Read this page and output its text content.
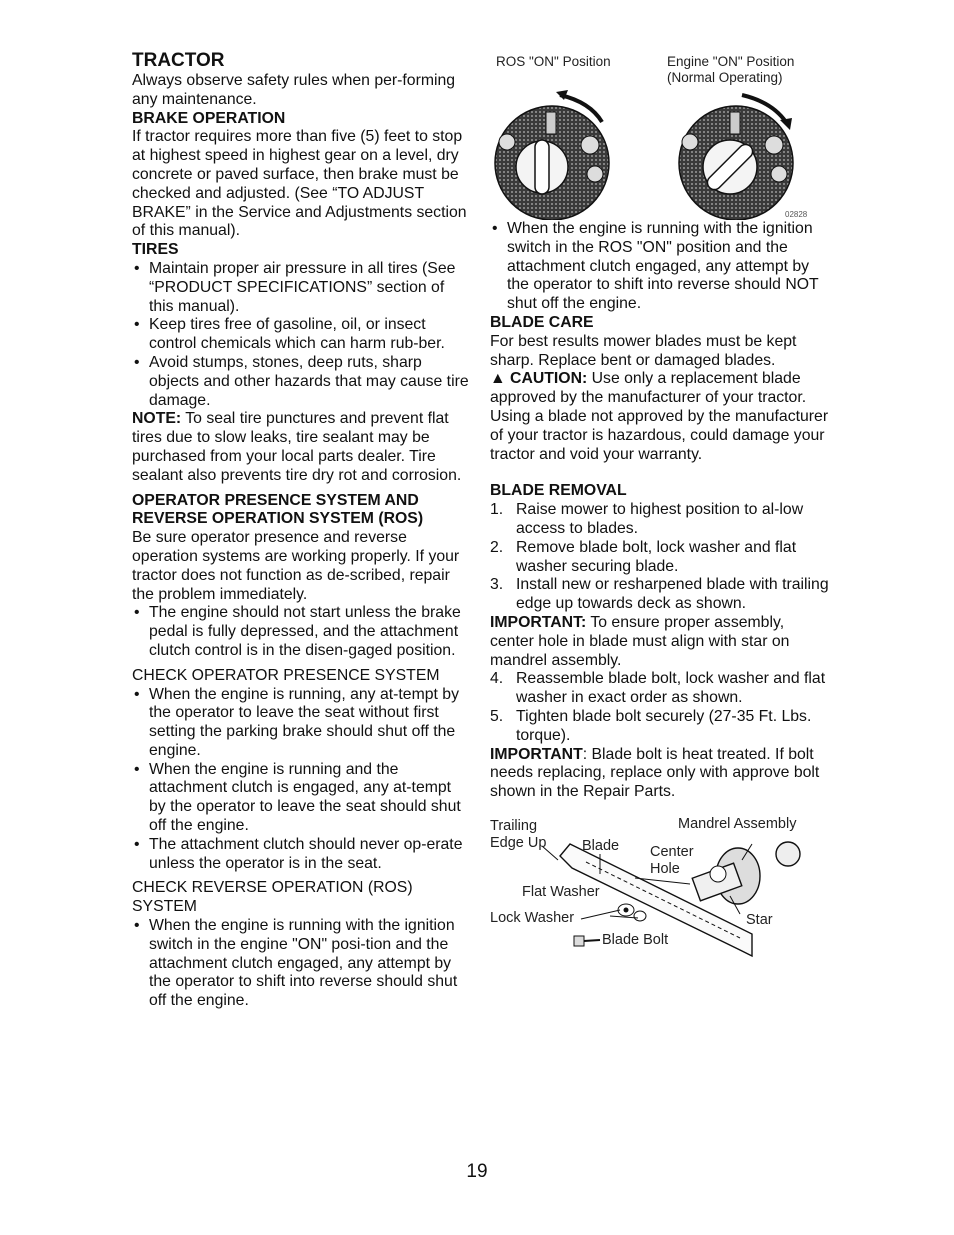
TRACTOR

Always observe safety rules when per-forming any maintenance.

BRAKE OPERATION

If tractor requires more than five (5) feet to stop at highest speed in highest gear on a level, dry concrete or paved surface, then brake must be checked and adjusted. (See “TO ADJUST BRAKE” in the Service and Adjustments section of this manual).

TIRES

• Maintain proper air pressure in all tires (See “PRODUCT SPECIFICATIONS” section of this manual).
• Keep tires free of gasoline, oil, or insect control chemicals which can harm rub-ber.
• Avoid stumps, stones, deep ruts, sharp objects and other hazards that may cause tire damage.

NOTE: To seal tire punctures and prevent flat tires due to slow leaks, tire sealant may be purchased from your local parts dealer. Tire sealant also prevents tire dry rot and corrosion.

OPERATOR PRESENCE SYSTEM AND REVERSE OPERATION SYSTEM (ROS)

Be sure operator presence and reverse operation systems are working properly. If your tractor does not function as de-scribed, repair the problem immediately.

• The engine should not start unless the brake pedal is fully depressed, and the attachment clutch control is in the disen-gaged position.

CHECK OPERATOR PRESENCE SYSTEM

• When the engine is running, any at-tempt by the operator to leave the seat without first setting the parking brake should shut off the engine.
• When the engine is running and the attachment clutch is engaged, any at-tempt by the operator to leave the seat should shut off the engine.
• The attachment clutch should never op-erate unless the operator is in the seat.

CHECK REVERSE OPERATION (ROS) SYSTEM

• When the engine is running with the ignition switch in the engine "ON" posi-tion and the attachment clutch engaged, any attempt by the operator to shift into reverse should shut off the engine.
ROS "ON" Position	Engine "ON" Position
(Normal Operating)
02828
• When the engine is running with the ignition switch in the ROS "ON" position and the attachment clutch engaged, any attempt by the operator to shift into reverse should NOT shut off the engine.

BLADE CARE

For best results mower blades must be kept sharp. Replace bent or damaged blades.

▲ CAUTION: Use only a replacement blade approved by the manufacturer of your tractor. Using a blade not approved by the manufacturer of your tractor is hazardous, could damage your tractor and void your warranty.

BLADE REMOVAL

1. Raise mower to highest position to al-low access to blades.
2. Remove blade bolt, lock washer and flat washer securing blade.
3. Install new or resharpened blade with trailing edge up towards deck as shown.

IMPORTANT: To ensure proper assembly, center hole in blade must align with star on mandrel assembly.

4. Reassemble blade bolt, lock washer and flat washer in exact order as shown.
5. Tighten blade bolt securely (27-35 Ft. Lbs. torque).

IMPORTANT: Blade bolt is heat treated. If bolt needs replacing, replace only with approve bolt shown in the Repair Parts.

Trailing
Edge Up Blade
Mandrel Assembly
Center
Hole
Flat Washer
Lock Washer	Star
Blade Bolt
19
